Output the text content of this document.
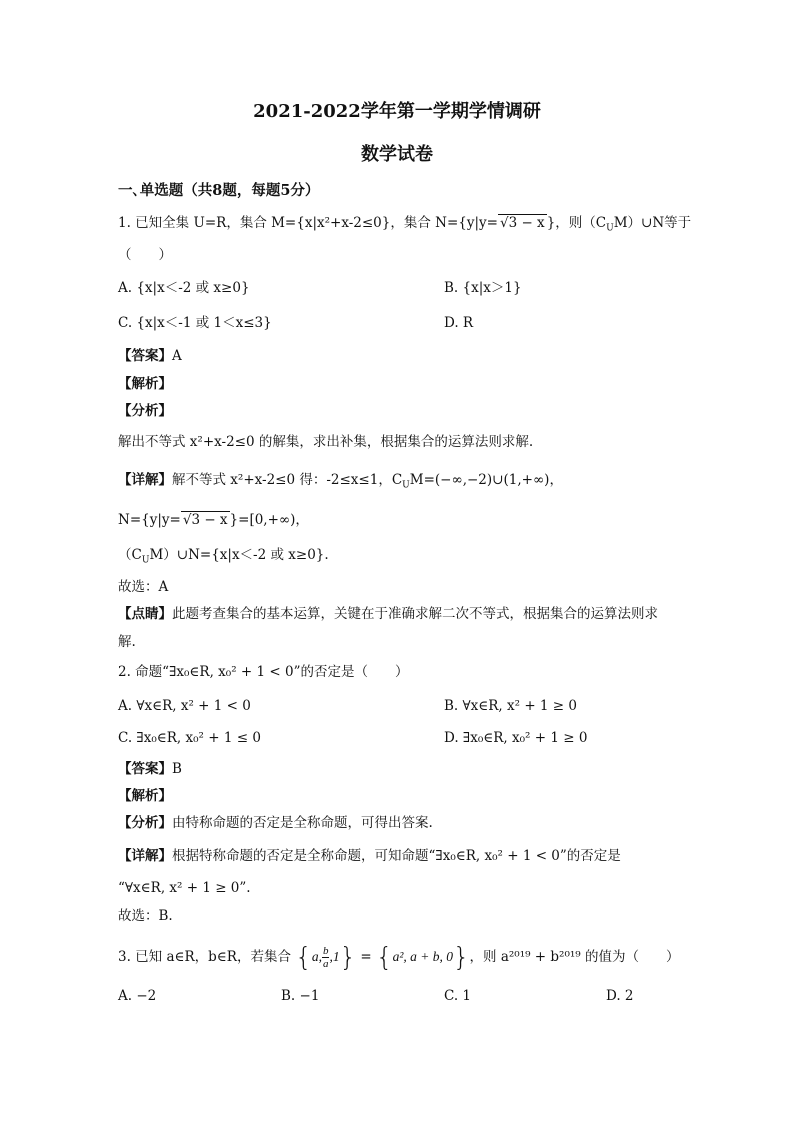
2021-2022学年第一学期学情调研
数学试卷
一､单选题（共8题，每题5分）
1. 已知全集 U=R，集合 M={x|x²+x-2≤0}，集合 N={y|y= √3 − x }，则$(C_UM)\cup N$等于
（　　）
A. {x|x＜-2 或 x≥0}	B. {x|x＞1}
C. {x|x＜-1 或 1＜x≤3}	D. R
【答案】A
【解析】
【分析】
解出不等式 x²+x-2≤0 的解集，求出补集，根据集合的运算法则求解.
【详解】解不等式 x²+x-2≤0 得：-2≤x≤1，$C_UM=(-\infty,-2)\cup(1,+\infty)$，
N={y|y= √3 − x }=[0,+∞)，
$(C_UM)\cup N=\{x|x<-2$ 或 x≥0}.
故选：A
【点睛】此题考查集合的基本运算，关键在于准确求解二次不等式，根据集合的运算法则求
解.
2. 命题“∃x₀∈R, x₀² + 1 < 0”的否定是（　　）
A. ∀x∈R, x² + 1 < 0	B. ∀x∈R, x² + 1 ≥ 0
C. ∃x₀∈R, x₀² + 1 ≤ 0	D. ∃x₀∈R, x₀² + 1 ≥ 0
【答案】B
【解析】
【分析】由特称命题的否定是全称命题，可得出答案.
【详解】根据特称命题的否定是全称命题，可知命题“∃x₀∈R, x₀² + 1 < 0”的否定是
“∀x∈R, x² + 1 ≥ 0”.
故选：B.
3. 已知 a∈R，b∈R，若集合 {a, $\frac{b}{a} ,1\} = \{a^2$, a + b, 0}，则 a²⁰¹⁹ + b²⁰¹⁹ 的值为（　　）
A. −2	B. −1	C. 1	D. 2
